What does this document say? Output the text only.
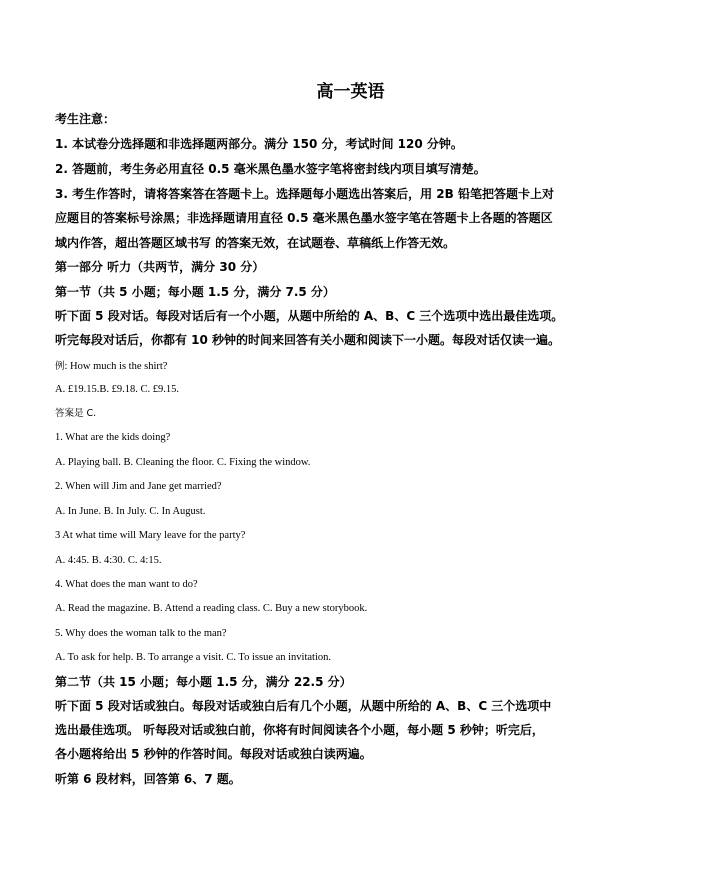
高一英语
考生注意：
1. 本试卷分选择题和非选择题两部分。满分 150 分，考试时间 120 分钟。
2. 答题前，考生务必用直径 0.5 毫米黑色墨水签字笔将密封线内项目填写清楚。
3. 考生作答时，请将答案答在答题卡上。选择题每小题选出答案后，用 2B 铅笔把答题卡上对
应题目的答案标号涂黑；非选择题请用直径 0.5 毫米黑色墨水签字笔在答题卡上各题的答题区
域内作答，超出答题区域书写 的答案无效，在试题卷、草稿纸上作答无效。
第一部分 听力（共两节，满分 30 分）
第一节（共 5 小题；每小题 1.5 分，满分 7.5 分）
听下面 5 段对话。每段对话后有一个小题，从题中所给的 A、B、C 三个选项中选出最佳选项。
听完每段对话后，你都有 10 秒钟的时间来回答有关小题和阅读下一小题。每段对话仅读一遍。
例: How much is the shirt?
A. £19.15.B. £9.18. C. £9.15.
答案是 C.
1. What are the kids doing?
A. Playing ball. B. Cleaning the floor. C. Fixing the window.
2. When will Jim and Jane get married?
A. In June. B. In July. C. In August.
3 At what time will Mary leave for the party?
A. 4:45. B. 4:30. C. 4:15.
4. What does the man want to do?
A. Read the magazine. B. Attend a reading class. C. Buy a new storybook.
5. Why does the woman talk to the man?
A. To ask for help. B. To arrange a visit. C. To issue an invitation.
第二节（共 15 小题；每小题 1.5 分，满分 22.5 分）
听下面 5 段对话或独白。每段对话或独白后有几个小题，从题中所给的 A、B、C 三个选项中
选出最佳选项。 听每段对话或独白前，你将有时间阅读各个小题，每小题 5 秒钟；听完后，
各小题将给出 5 秒钟的作答时间。每段对话或独白读两遍。
听第 6 段材料，回答第 6、7 题。
